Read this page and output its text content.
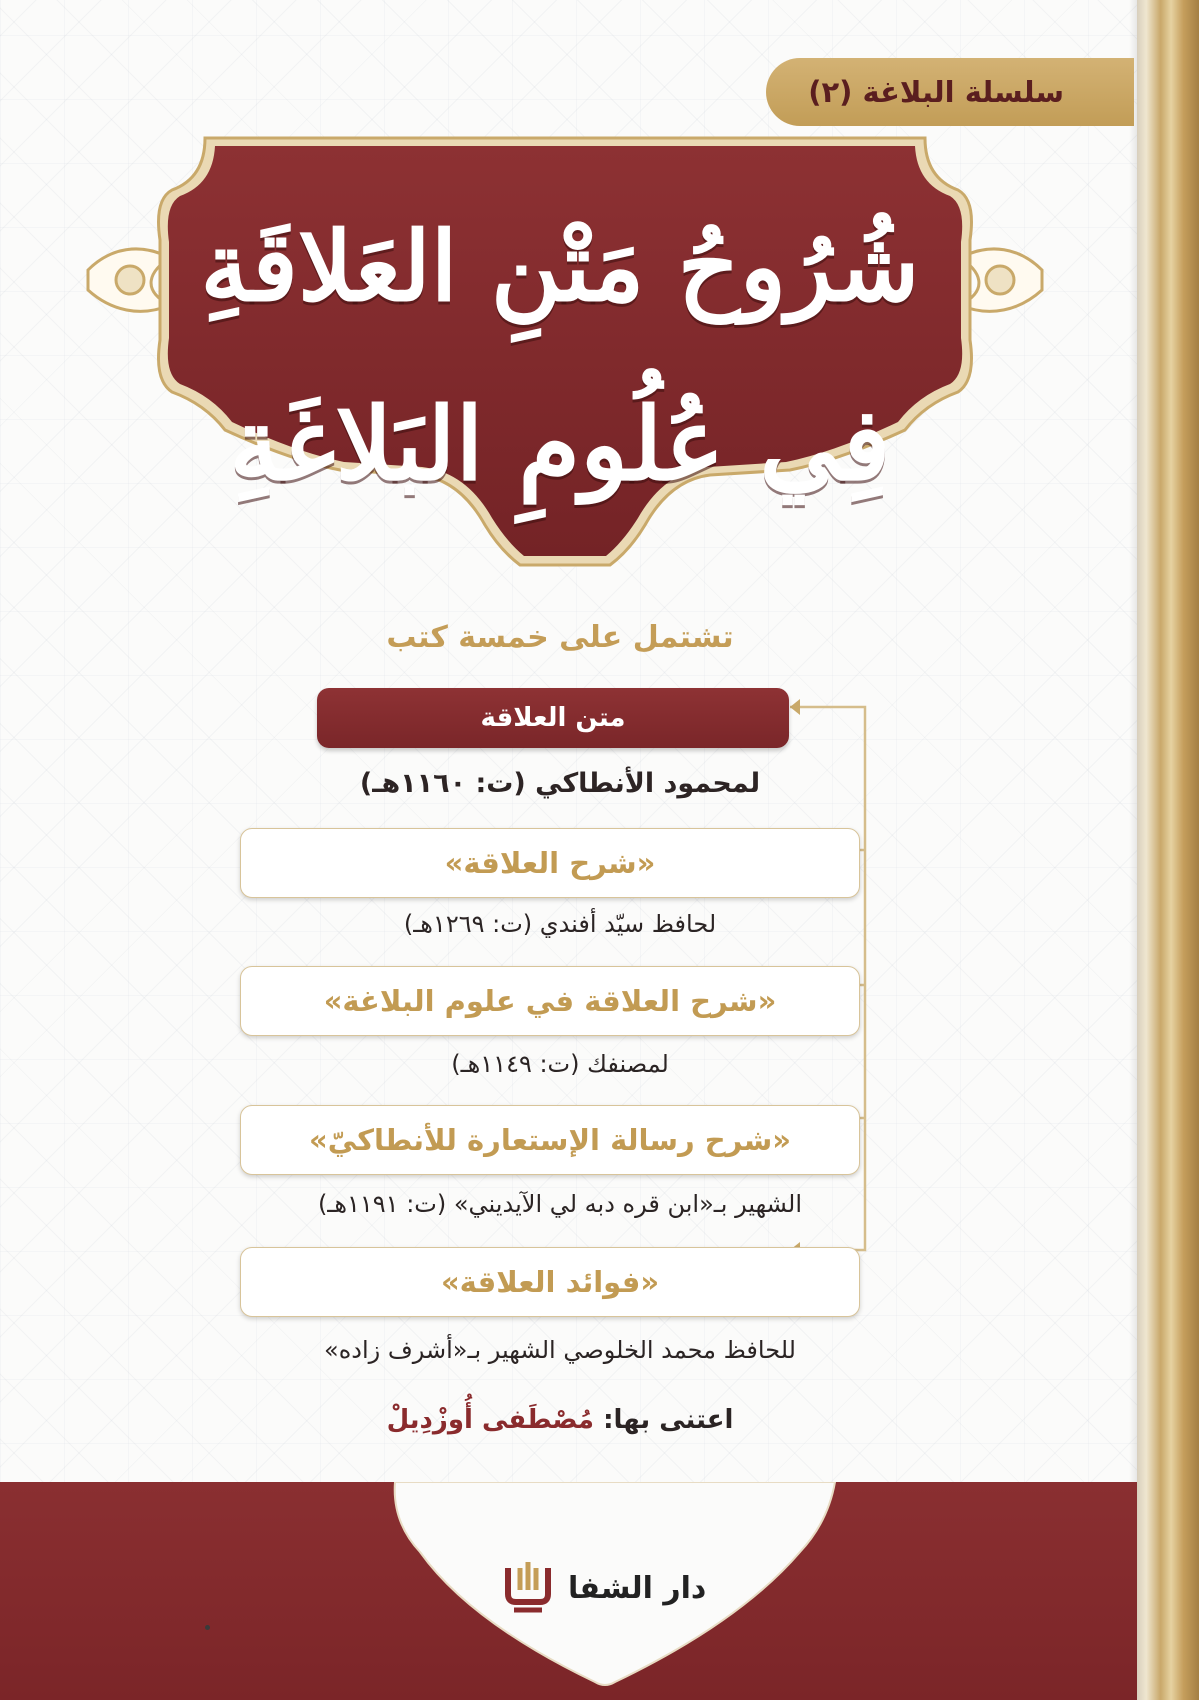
سلسلة البلاغة (٢)
شُرُوحُ مَتْنِ العَلاقَةِ
فِي عُلُومِ البَلاغَةِ
تشتمل على خمسة كتب
متن العلاقة
لمحمود الأنطاكي (ت: ١١٦٠هـ)
«شرح العلاقة»
لحافظ سيّد أفندي (ت: ١٢٦٩هـ)
«شرح العلاقة في علوم البلاغة»
لمصنفك (ت: ١١٤٩هـ)
«شرح رسالة الإستعارة للأنطاكيّ»
الشهير بـ«ابن قره دبه لي الآيديني» (ت: ١١٩١هـ)
«فوائد العلاقة»
للحافظ محمد الخلوصي الشهير بـ«أشرف زاده»
اعتنى بها: مُصْطَفى أُوزْدِيلْ
دار الشفا
